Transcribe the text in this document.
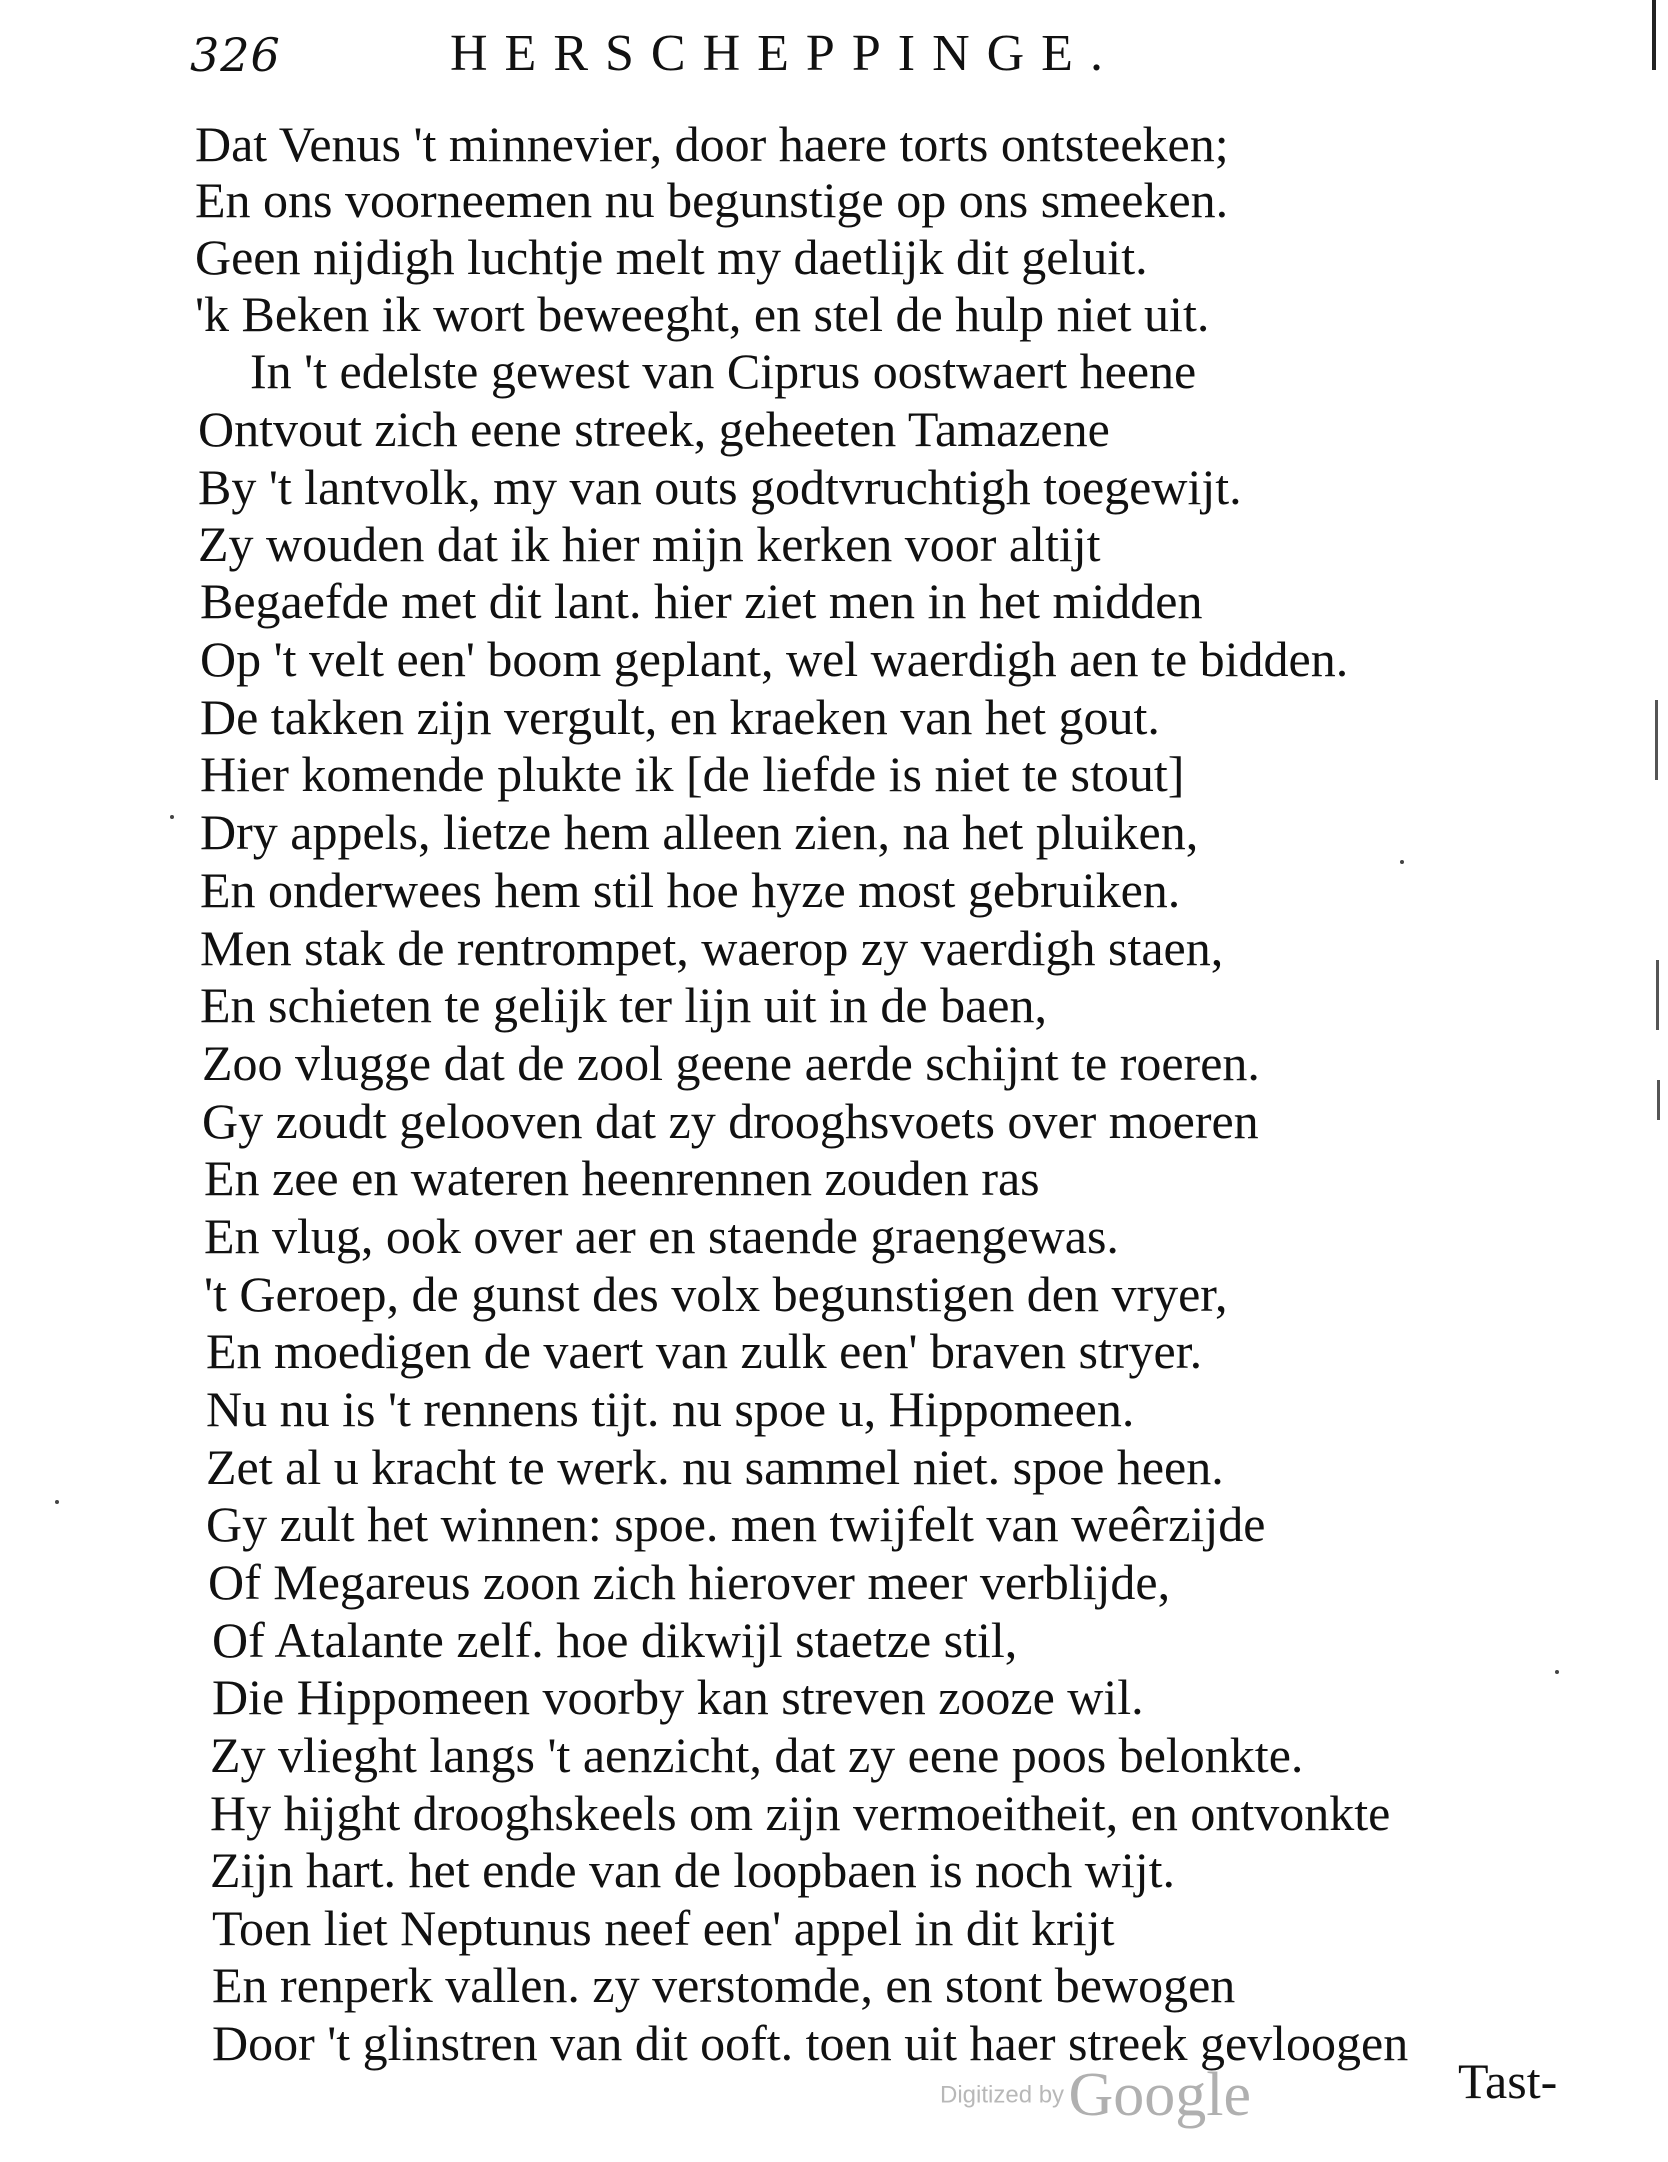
326	HERSCHEPPINGE.
Dat Venus 't minnevier, door haere torts ontsteeken;
En ons voorneemen nu begunstige op ons smeeken.
Geen nijdigh luchtje melt my daetlijk dit geluit.
'k Beken ik wort beweeght, en stel de hulp niet uit.
In 't edelste gewest van Ciprus oostwaert heene
Ontvout zich eene streek, geheeten Tamazene
By 't lantvolk, my van outs godtvruchtigh toegewijt.
Zy wouden dat ik hier mijn kerken voor altijt
Begaefde met dit lant. hier ziet men in het midden
Op 't velt een' boom geplant, wel waerdigh aen te bidden.
De takken zijn vergult, en kraeken van het gout.
Hier komende plukte ik [de liefde is niet te stout]
Dry appels, lietze hem alleen zien, na het pluiken,
En onderwees hem stil hoe hyze most gebruiken.
Men stak de rentrompet, waerop zy vaerdigh staen,
En schieten te gelijk ter lijn uit in de baen,
Zoo vlugge dat de zool geene aerde schijnt te roeren.
Gy zoudt gelooven dat zy drooghsvoets over moeren
En zee en wateren heenrennen zouden ras
En vlug, ook over aer en staende graengewas.
't Geroep, de gunst des volx begunstigen den vryer,
En moedigen de vaert van zulk een' braven stryer.
Nu nu is 't rennens tijt. nu spoe u, Hippomeen.
Zet al u kracht te werk. nu sammel niet. spoe heen.
Gy zult het winnen: spoe. men twijfelt van weêrzijde
Of Megareus zoon zich hierover meer verblijde,
Of Atalante zelf. hoe dikwijl staetze stil,
Die Hippomeen voorby kan streven zooze wil.
Zy vlieght langs 't aenzicht, dat zy eene poos belonkte.
Hy hijght drooghskeels om zijn vermoeitheit, en ontvonkte
Zijn hart. het ende van de loopbaen is noch wijt.
Toen liet Neptunus neef een' appel in dit krijt
En renperk vallen. zy verstomde, en stont bewogen
Door 't glinstren van dit ooft. toen uit haer streek gevloogen
Digitized by Google	Tast-
